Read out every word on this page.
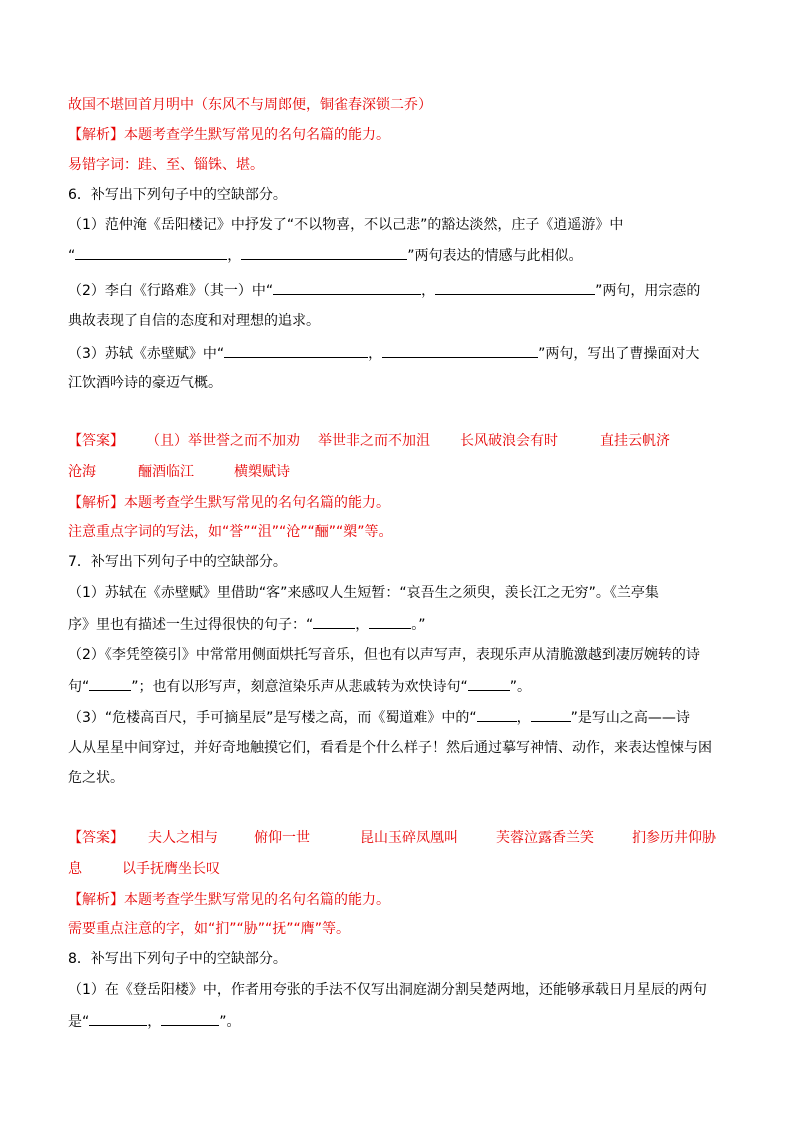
故国不堪回首月明中（东风不与周郎便，铜雀春深锁二乔）
【解析】本题考查学生默写常见的名句名篇的能力。
易错字词：跬、至、锱铢、堪。
6．补写出下列句子中的空缺部分。
（1）范仲淹《岳阳楼记》中抒发了“不以物喜，不以己悲”的豁达淡然，庄子《逍遥游》中
“	，	”两句表达的情感与此相似。
（2）李白《行路难》（其一）中“	，	”两句，用宗悫的
典故表现了自信的态度和对理想的追求。
（3）苏轼《赤壁赋》中“	，	”两句，写出了曹操面对大
江饮酒吟诗的豪迈气概。
【答案】 （且）举世誉之而不加劝 举世非之而不加沮 长风破浪会有时	直挂云帆济
沧海	酾酒临江	横槊赋诗
【解析】本题考查学生默写常见的名句名篇的能力。
注意重点字词的写法，如“誉”“沮”“沧”“酾”“槊”等。
7．补写出下列句子中的空缺部分。
（1）苏轼在《赤壁赋》里借助“客”来感叹人生短暂：“哀吾生之须臾，羡长江之无穷”。《兰亭集
序》里也有描述一生过得很快的句子：“	，	。”
（2）《李凭箜篌引》中常常用侧面烘托写音乐，但也有以声写声，表现乐声从清脆激越到凄厉婉转的诗
句“	”；也有以形写声，刻意渲染乐声从悲戚转为欢快诗句“	”。
（3）“危楼高百尺，手可摘星辰”是写楼之高，而《蜀道难》中的“	，	”是写山之高——诗
人从星星中间穿过，并好奇地触摸它们，看看是个什么样子！然后通过摹写神情、动作，来表达惶悚与困
危之状。
【答案】 夫人之相与	俯仰一世	昆山玉碎凤凰叫	芙蓉泣露香兰笑	扪参历井仰胁
息	以手抚膺坐长叹
【解析】本题考查学生默写常见的名句名篇的能力。
需要重点注意的字，如“扪”“胁”“抚”“膺”等。
8．补写出下列句子中的空缺部分。
（1）在《登岳阳楼》中，作者用夸张的手法不仅写出洞庭湖分割吴楚两地，还能够承载日月星辰的两句
是“	，	”。
